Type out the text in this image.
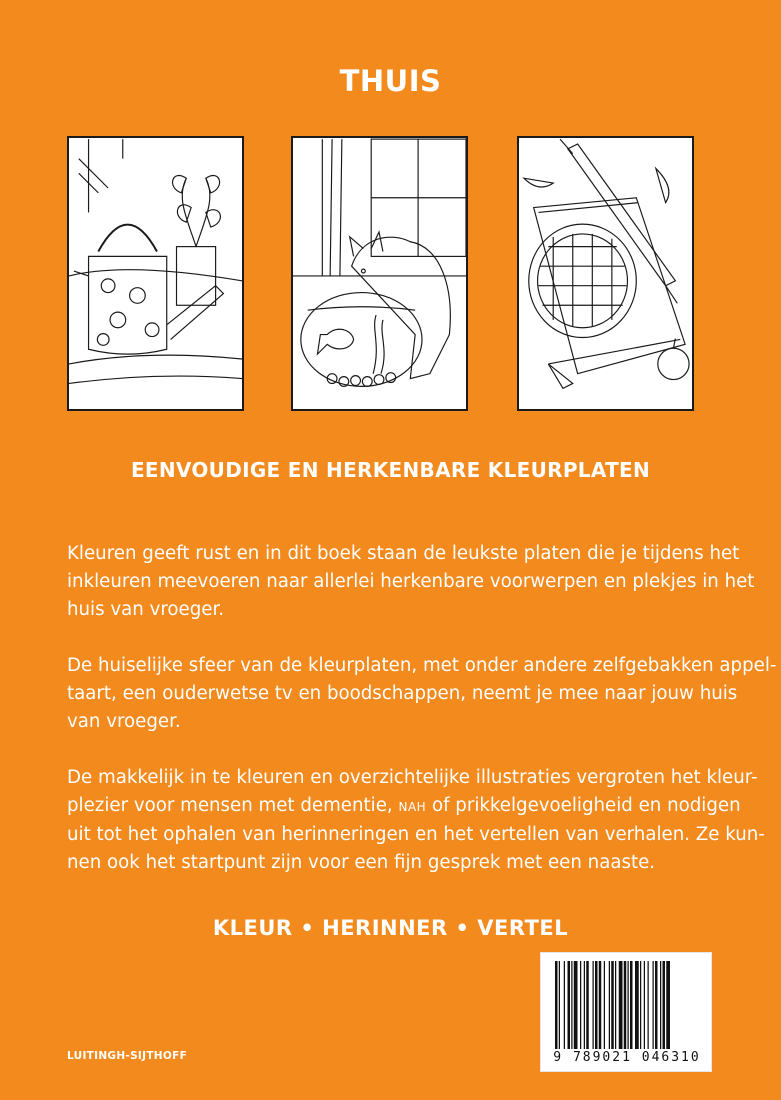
THUIS
EENVOUDIGE EN HERKENBARE KLEURPLATEN
Kleuren geeft rust en in dit boek staan de leukste platen die je tijdens het
inkleuren meevoeren naar allerlei herkenbare voorwerpen en plekjes in het
huis van vroeger.
De huiselijke sfeer van de kleurplaten, met onder andere zelfgebakken appel-
taart, een ouderwetse tv en boodschappen, neemt je mee naar jouw huis
van vroeger.
De makkelijk in te kleuren en overzichtelijke illustraties vergroten het kleur-
plezier voor mensen met dementie, NAH of prikkelgevoeligheid en nodigen
uit tot het ophalen van herinneringen en het vertellen van verhalen. Ze kun-
nen ook het startpunt zijn voor een fijn gesprek met een naaste.
KLEUR • HERINNER • VERTEL
LUITINGH-SIJTHOFF	9 789021 046310
